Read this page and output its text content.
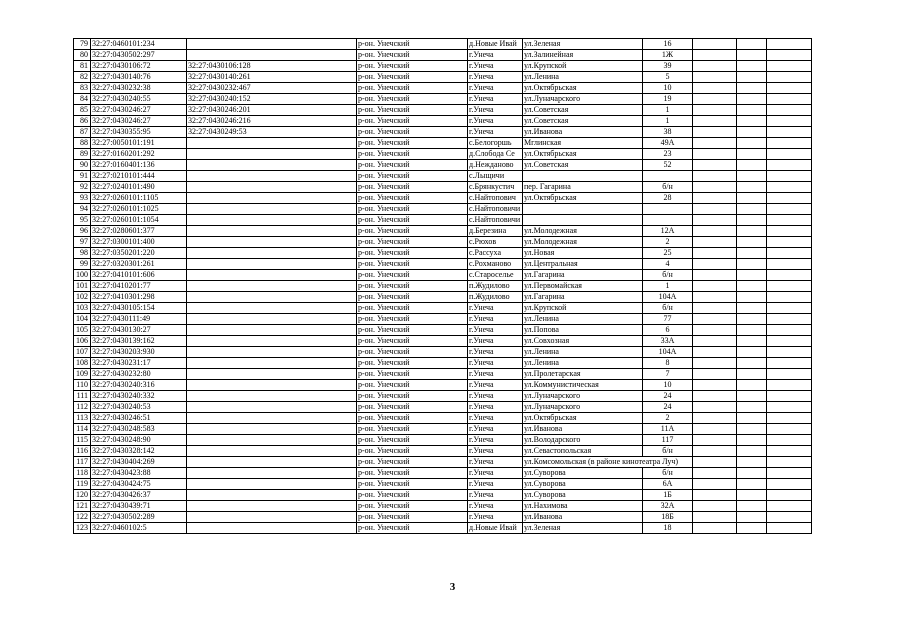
79	32:27:0460101:234		р-он. Унечский	д.Новые Ивай	ул.Зеленая	16			
80	32:27:0430502:297		р-он. Унечский	г.Унеча	ул.Залинейная	1Ж			
81	32:27:0430106:72	32:27:0430106:128	р-он. Унечский	г.Унеча	ул.Крупской	39			
82	32:27:0430140:76	32:27:0430140:261	р-он. Унечский	г.Унеча	ул.Ленина	5			
83	32:27:0430232:38	32:27:0430232:467	р-он. Унечский	г.Унеча	ул.Октябрьская	10			
84	32:27:0430240:55	32:27:0430240:152	р-он. Унечский	г.Унеча	ул.Луначарского	19			
85	32:27:0430246:27	32:27:0430246:201	р-он. Унечский	г.Унеча	ул.Советская	1			
86	32:27:0430246:27	32:27:0430246:216	р-он. Унечский	г.Унеча	ул.Советская	1			
87	32:27:0430355:95	32:27:0430249:53	р-он. Унечский	г.Унеча	ул.Иванова	38			
88	32:27:0050101:191		р-он. Унечский	с.Белогоршь	Мглинская	49А			
89	32:27:0160201:292		р-он. Унечский	д.Слобода Се	ул.Октябрьская	23			
90	32:27:0160401:136		р-он. Унечский	д.Нежданово	ул.Советская	52			
91	32:27:0210101:444		р-он. Унечский	с.Лыщичи					
92	32:27:0240101:490		р-он. Унечский	с.Брянкустич	пер. Гагарина	б/н			
93	32:27:0260101:1105		р-он. Унечский	с.Найтопович	ул.Октябрьская	28			
94	32:27:0260101:1025		р-он. Унечский	с.Найтоповичи					
95	32:27:0260101:1054		р-он. Унечский	с.Найтоповичи					
96	32:27:0280601:377		р-он. Унечский	д.Березина	ул.Молодежная	12А			
97	32:27:0300101:400		р-он. Унечский	с.Рюхов	ул.Молодежная	2			
98	32:27:0350201:220		р-он. Унечский	с.Рассуха	ул.Новая	25			
99	32:27:0320301:261		р-он. Унечский	с.Рохманово	ул.Центральная	4			
100	32:27:0410101:606		р-он. Унечский	с.Староселье	ул.Гагарина	б/н			
101	32:27:0410201:77		р-он. Унечский	п.Жудилово	ул.Первомайская	1			
102	32:27:0410301:298		р-он. Унечский	п.Жудилово	ул.Гагарина	104А			
103	32:27:0430105:154		р-он. Унечский	г.Унеча	ул.Крупской	б/н			
104	32:27:0430111:49		р-он. Унечский	г.Унеча	ул.Ленина	77			
105	32:27:0430130:27		р-он. Унечский	г.Унеча	ул.Попова	6			
106	32:27:0430139:162		р-он. Унечский	г.Унеча	ул.Совхозная	33А			
107	32:27:0430203:930		р-он. Унечский	г.Унеча	ул.Ленина	104А			
108	32:27:0430231:17		р-он. Унечский	г.Унеча	ул.Ленина	8			
109	32:27:0430232:80		р-он. Унечский	г.Унеча	ул.Пролетарская	7			
110	32:27:0430240:316		р-он. Унечский	г.Унеча	ул.Коммунистическая	10			
111	32:27:0430240:332		р-он. Унечский	г.Унеча	ул.Луначарского	24			
112	32:27:0430240:53		р-он. Унечский	г.Унеча	ул.Луначарского	24			
113	32:27:0430246:51		р-он. Унечский	г.Унеча	ул.Октябрьская	2			
114	32:27:0430248:583		р-он. Унечский	г.Унеча	ул.Иванова	11А			
115	32:27:0430248:90		р-он. Унечский	г.Унеча	ул.Володарского	117			
116	32:27:0430328:142		р-он. Унечский	г.Унеча	ул.Севастопольская	б/н			
117	32:27:0430404:269		р-он. Унечский	г.Унеча	ул.Комсомольская (в районе кинотеатра Луч)				
118	32:27:0430423:88		р-он. Унечский	г.Унеча	ул.Суворова	б/н			
119	32:27:0430424:75		р-он. Унечский	г.Унеча	ул.Суворова	6А			
120	32:27:0430426:37		р-он. Унечский	г.Унеча	ул.Суворова	1Б			
121	32:27:0430439:71		р-он. Унечский	г.Унеча	ул.Нахимова	32А			
122	32:27:0430502:289		р-он. Унечский	г.Унеча	ул.Иванова	18Б			
123	32:27:0460102:5		р-он. Унечский	д.Новые Ивай	ул.Зеленая	18			
3
